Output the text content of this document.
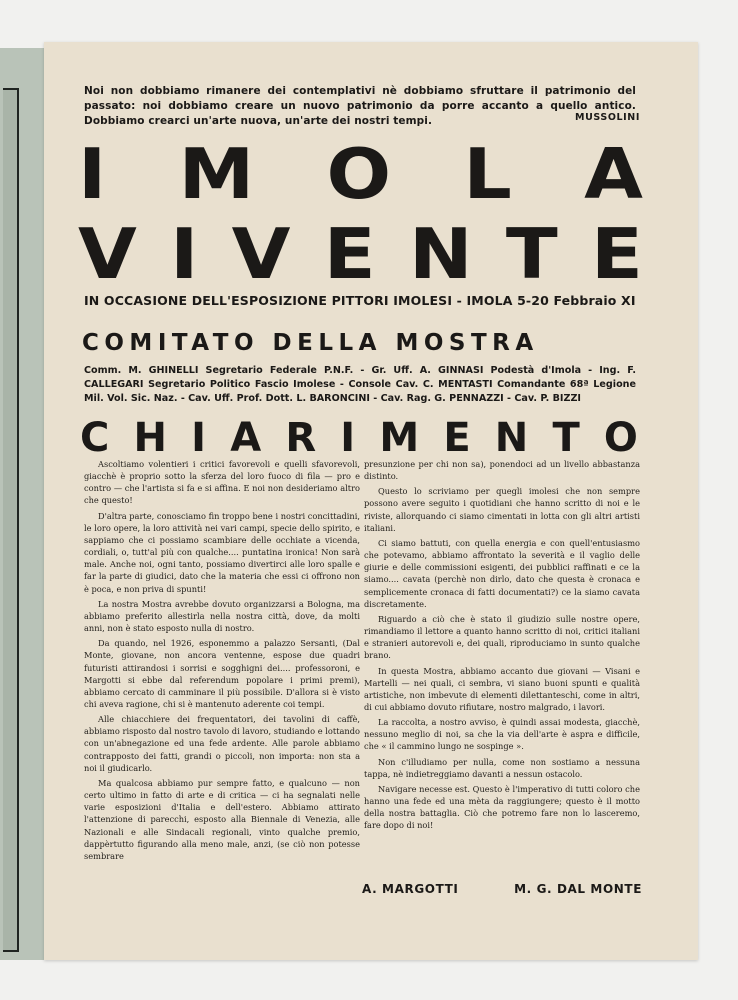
Noi non dobbiamo rimanere dei contemplativi nè dobbiamo sfruttare il patrimonio del passato: noi dobbiamo creare un nuovo patrimonio da porre accanto a quello antico. Dobbiamo crearci un'arte nuova, un'arte dei nostri tempi.	MUSSOLINI
I M O L A
V I V E N T E
IN OCCASIONE DELL'ESPOSIZIONE PITTORI IMOLESI - IMOLA 5-20 Febbraio XI
COMITATO DELLA MOSTRA
Comm. M. GHINELLI Segretario Federale P.N.F. - Gr. Uff. A. GINNASI Podestà d'Imola - Ing. F. CALLEGARI Segretario Politico Fascio Imolese - Console Cav. C. MENTASTI Comandante 68ª Legione Mil. Vol. Sic. Naz. - Cav. Uff. Prof. Dott. L. BARONCINI - Cav. Rag. G. PENNAZZI - Cav. P. BIZZI
C H I A R I M E N T O

Ascoltiamo volentieri i critici favorevoli e quelli sfavorevoli, giacchè è proprio sotto la sferza del loro fuoco di fila — pro e contro — che l'artista si fa e si affina. E noi non desideriamo altro che questo!

D'altra parte, conosciamo fin troppo bene i nostri concittadini, le loro opere, la loro attività nei vari campi, specie dello spirito, e sappiamo che ci possiamo scambiare delle occhiate a vicenda, cordiali, o, tutt'al più con qualche.... puntatina ironica! Non sarà male. Anche noi, ogni tanto, possiamo divertirci alle loro spalle e far la parte di giudici, dato che la materia che essi ci offrono non è poca, e non priva di spunti!

La nostra Mostra avrebbe dovuto organizzarsi a Bologna, ma abbiamo preferito allestirla nella nostra città, dove, da molti anni, non è stato esposto nulla di nostro.

Da quando, nel 1926, esponemmo a palazzo Sersanti, (Dal Monte, giovane, non ancora ventenne, espose due quadri futuristi attirandosi i sorrisi e sogghigni dei.... professoroni, e Margotti si ebbe dal referendum popolare i primi premi), abbiamo cercato di camminare il più possibile. D'allora si è visto chi aveva ragione, chi si è mantenuto aderente coi tempi.

Alle chiacchiere dei frequentatori, dei tavolini di caffè, abbiamo risposto dal nostro tavolo di lavoro, studiando e lottando con un'abnegazione ed una fede ardente. Alle parole abbiamo contrapposto dei fatti, grandi o piccoli, non importa: non sta a noi il giudicarlo.

Ma qualcosa abbiamo pur sempre fatto, e qualcuno — non certo ultimo in fatto di arte e di critica — ci ha segnalati nelle varie esposizioni d'Italia e dell'estero. Abbiamo attirato l'attenzione di parecchi, esposto alla Biennale di Venezia, alle Nazionali e alle Sindacali regionali, vinto qualche premio, dappèrtutto figurando alla meno male, anzi, (se ciò non potesse sembrare

presunzione per chi non sa), ponendoci ad un livello abbastanza distinto.

Questo lo scriviamo per quegli imolesi che non sempre possono avere seguito i quotidiani che hanno scritto di noi e le riviste, allorquando ci siamo cimentati in lotta con gli altri artisti italiani.

Ci siamo battuti, con quella energia e con quell'entusiasmo che potevamo, abbiamo affrontato la severità e il vaglio delle giurie e delle commissioni esigenti, dei pubblici raffinati e ce la siamo.... cavata (perchè non dirlo, dato che questa è cronaca e semplicemente cronaca di fatti documentati?) ce la siamo cavata discretamente.

Riguardo a ciò che è stato il giudizio sulle nostre opere, rimandiamo il lettore a quanto hanno scritto di noi, critici italiani e stranieri autorevoli e, dei quali, riproduciamo in sunto qualche brano.

In questa Mostra, abbiamo accanto due giovani — Visani e Martelli — nei quali, ci sembra, vi siano buoni spunti e qualità artistiche, non imbevute di elementi dilettanteschi, come in altri, di cui abbiamo dovuto rifiutare, nostro malgrado, i lavori.

La raccolta, a nostro avviso, è quindi assai modesta, giacchè, nessuno meglio di noi, sa che la via dell'arte è aspra e difficile, che « il cammino lungo ne sospinge ».

Non c'illudiamo per nulla, come non sostiamo a nessuna tappa, nè indietreggiamo davanti a nessun ostacolo.

Navigare necesse est. Questo è l'imperativo di tutti coloro che hanno una fede ed una mèta da raggiungere; questo è il motto della nostra battaglia. Ciò che potremo fare non lo lasceremo, fare dopo di noi!

A. MARGOTTI	M. G. DAL MONTE
